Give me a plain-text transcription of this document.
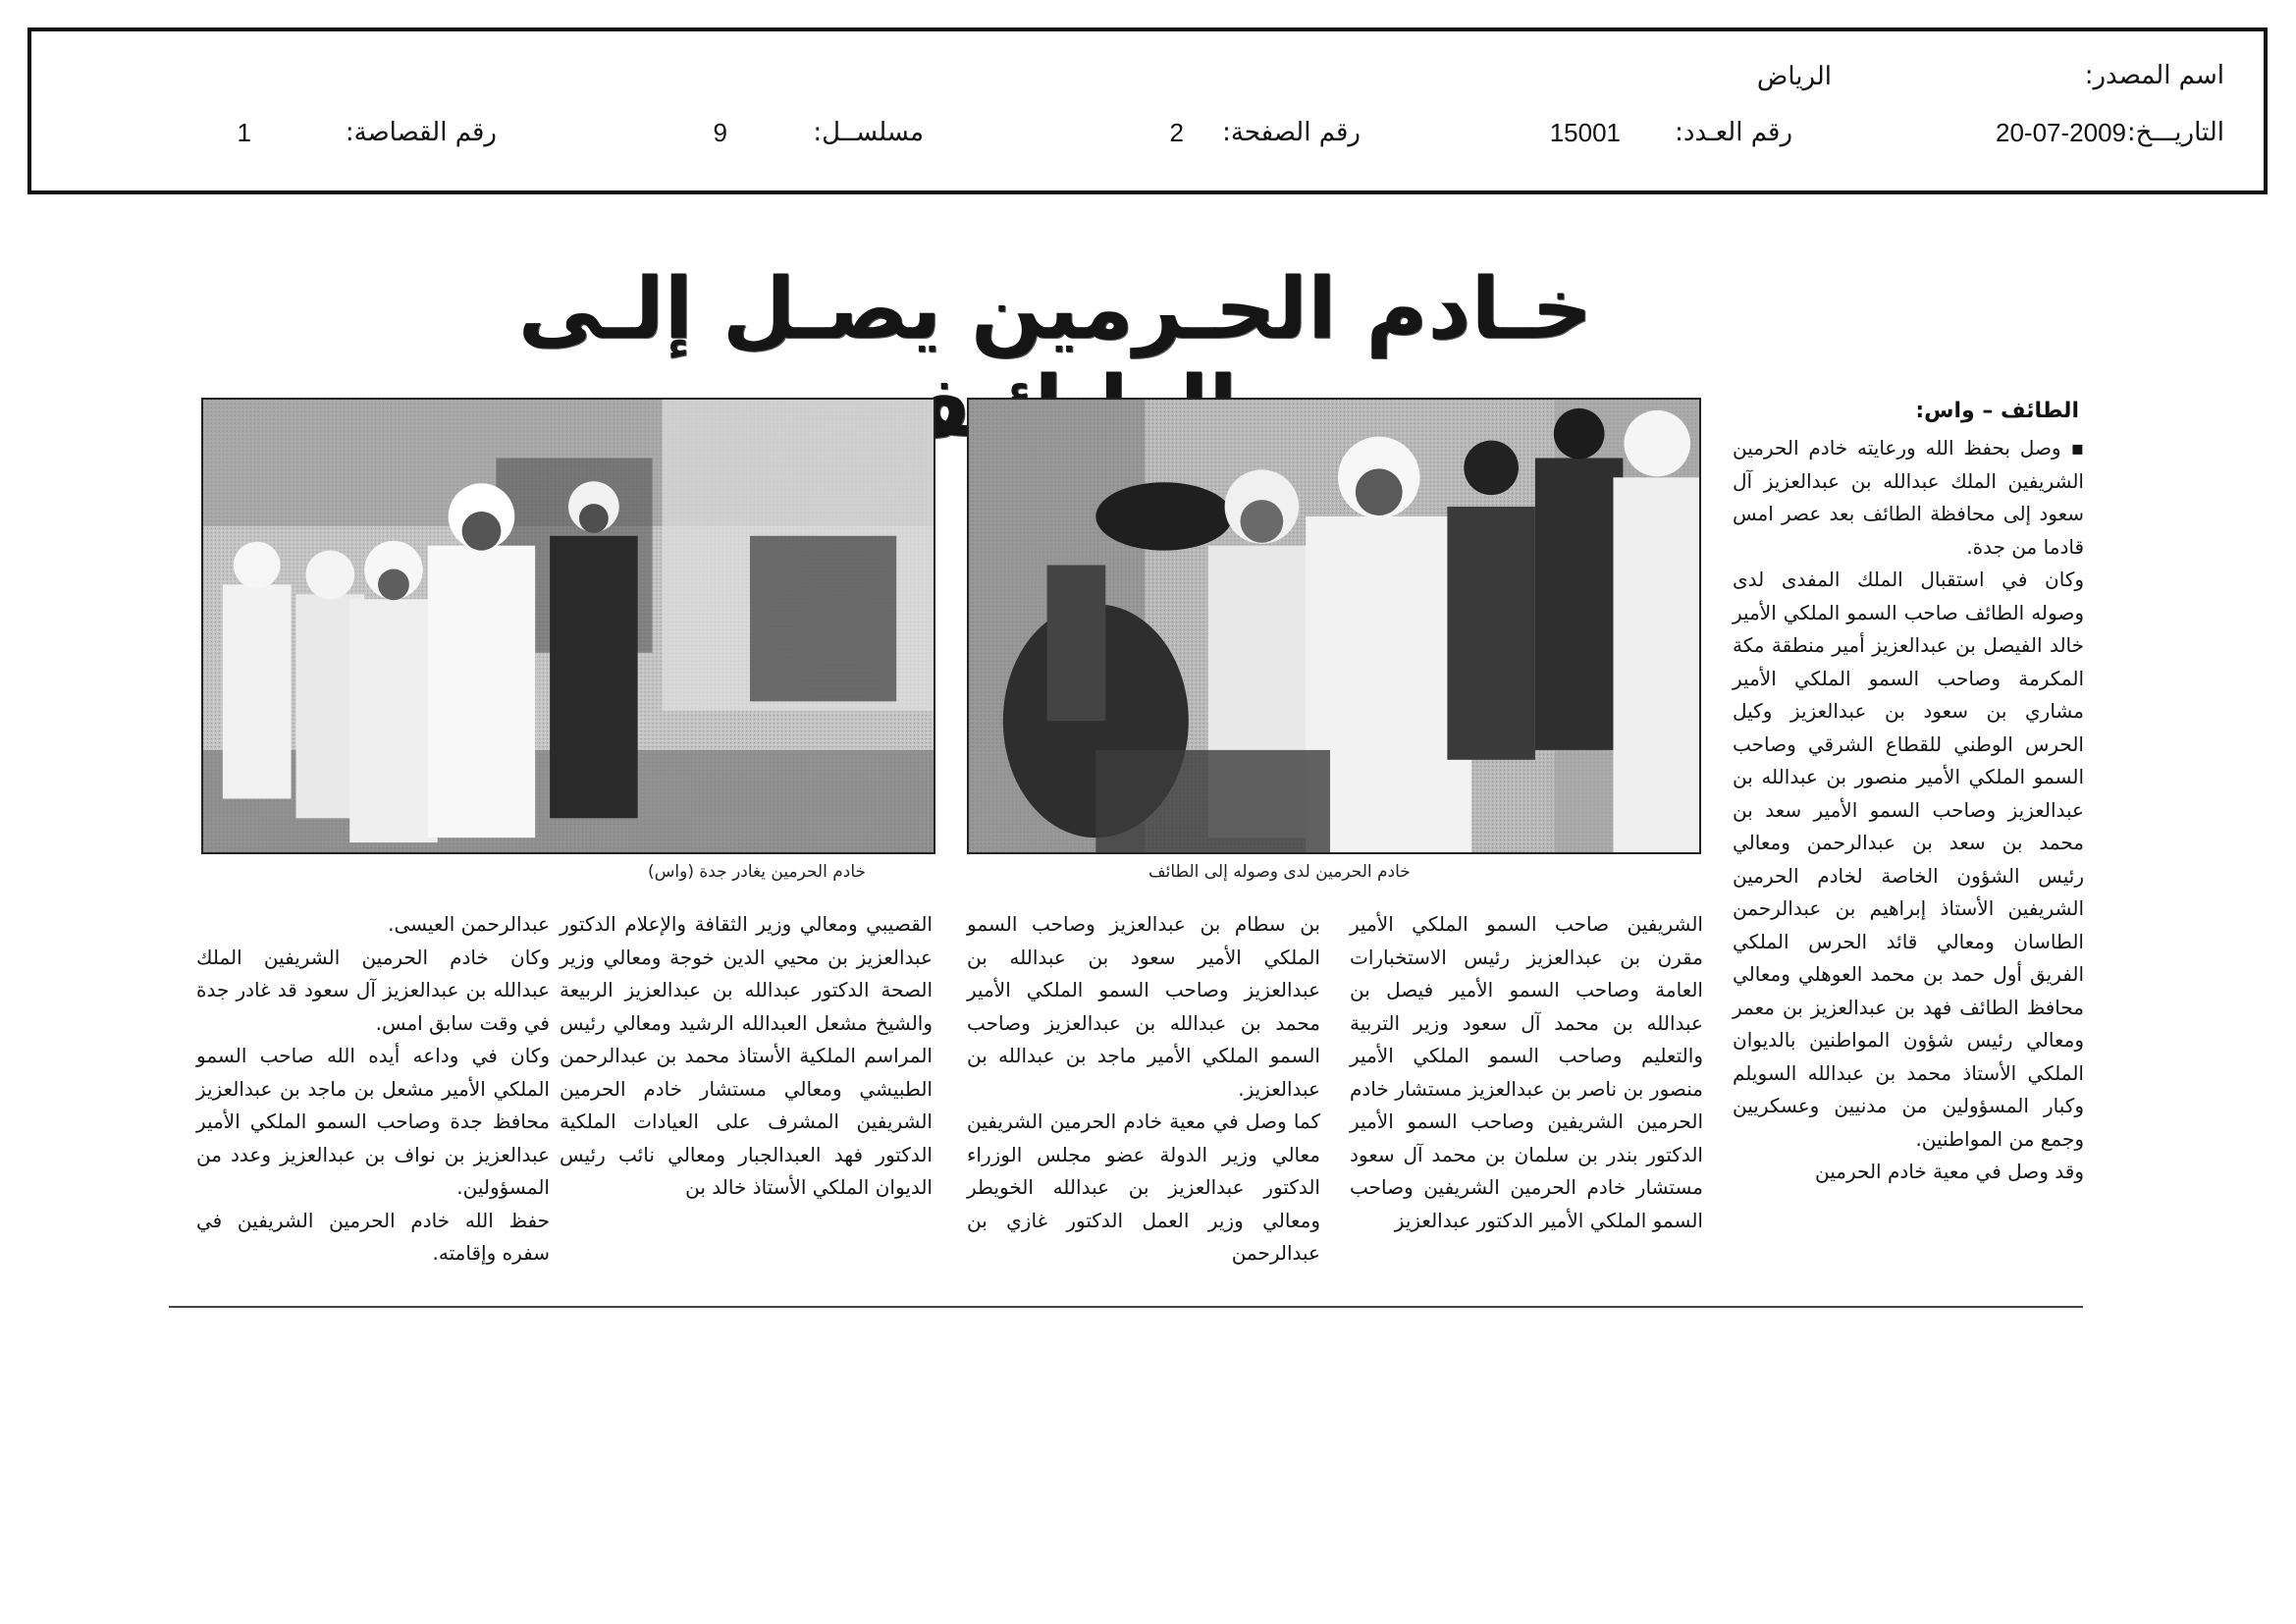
اسم المصدر:
الرياض
التاريـــخ:
20-07-2009
رقم العـدد:
15001
رقم الصفحة:
2
مسلســل:
9
رقم القصاصة:
1
خـادم الحـرمين يصـل إلـى
خادم الحرمين لدى وصوله إلى الطائف
خادم الحرمين يغادر جدة (واس)
الطائف – واس:

▪ وصل بحفظ الله ورعايته خادم الحرمين الشريفين الملك عبدالله بن عبدالعزيز آل سعود إلى محافظة الطائف بعد عصر امس قادما من جدة.

وكان في استقبال الملك المفدى لدى وصوله الطائف صاحب السمو الملكي الأمير خالد الفيصل بن عبدالعزيز أمير منطقة مكة المكرمة وصاحب السمو الملكي الأمير مشاري بن سعود بن عبدالعزيز وكيل الحرس الوطني للقطاع الشرقي وصاحب السمو الملكي الأمير منصور بن عبدالله بن عبدالعزيز وصاحب السمو الأمير سعد بن محمد بن سعد بن عبدالرحمن ومعالي رئيس الشؤون الخاصة لخادم الحرمين الشريفين الأستاذ إبراهيم بن عبدالرحمن الطاسان ومعالي قائد الحرس الملكي الفريق أول حمد بن محمد العوهلي ومعالي محافظ الطائف فهد بن عبدالعزيز بن معمر ومعالي رئيس شؤون المواطنين بالديوان الملكي الأستاذ محمد بن عبدالله السويلم وكبار المسؤولين من مدنيين وعسكريين وجمع من المواطنين.

وقد وصل في معية خادم الحرمين

الشريفين صاحب السمو الملكي الأمير مقرن بن عبدالعزيز رئيس الاستخبارات العامة وصاحب السمو الأمير فيصل بن عبدالله بن محمد آل سعود وزير التربية والتعليم وصاحب السمو الملكي الأمير منصور بن ناصر بن عبدالعزيز مستشار خادم الحرمين الشريفين وصاحب السمو الأمير الدكتور بندر بن سلمان بن محمد آل سعود مستشار خادم الحرمين الشريفين وصاحب السمو الملكي الأمير الدكتور عبدالعزيز

بن سطام بن عبدالعزيز وصاحب السمو الملكي الأمير سعود بن عبدالله بن عبدالعزيز وصاحب السمو الملكي الأمير محمد بن عبدالله بن عبدالعزيز وصاحب السمو الملكي الأمير ماجد بن عبدالله بن عبدالعزيز.

كما وصل في معية خادم الحرمين الشريفين معالي وزير الدولة عضو مجلس الوزراء الدكتور عبدالعزيز بن عبدالله الخويطر ومعالي وزير العمل الدكتور غازي بن عبدالرحمن

القصيبي ومعالي وزير الثقافة والإعلام الدكتور عبدالعزيز بن محيي الدين خوجة ومعالي وزير الصحة الدكتور عبدالله بن عبدالعزيز الربيعة والشيخ مشعل العبدالله الرشيد ومعالي رئيس المراسم الملكية الأستاذ محمد بن عبدالرحمن الطبيشي ومعالي مستشار خادم الحرمين الشريفين المشرف على العيادات الملكية الدكتور فهد العبدالجبار ومعالي نائب رئيس الديوان الملكي الأستاذ خالد بن

عبدالرحمن العيسى.

وكان خادم الحرمين الشريفين الملك عبدالله بن عبدالعزيز آل سعود قد غادر جدة في وقت سابق امس.

وكان في وداعه أيده الله صاحب السمو الملكي الأمير مشعل بن ماجد بن عبدالعزيز محافظ جدة وصاحب السمو الملكي الأمير عبدالعزيز بن نواف بن عبدالعزيز وعدد من المسؤولين.

حفظ الله خادم الحرمين الشريفين في سفره وإقامته.
